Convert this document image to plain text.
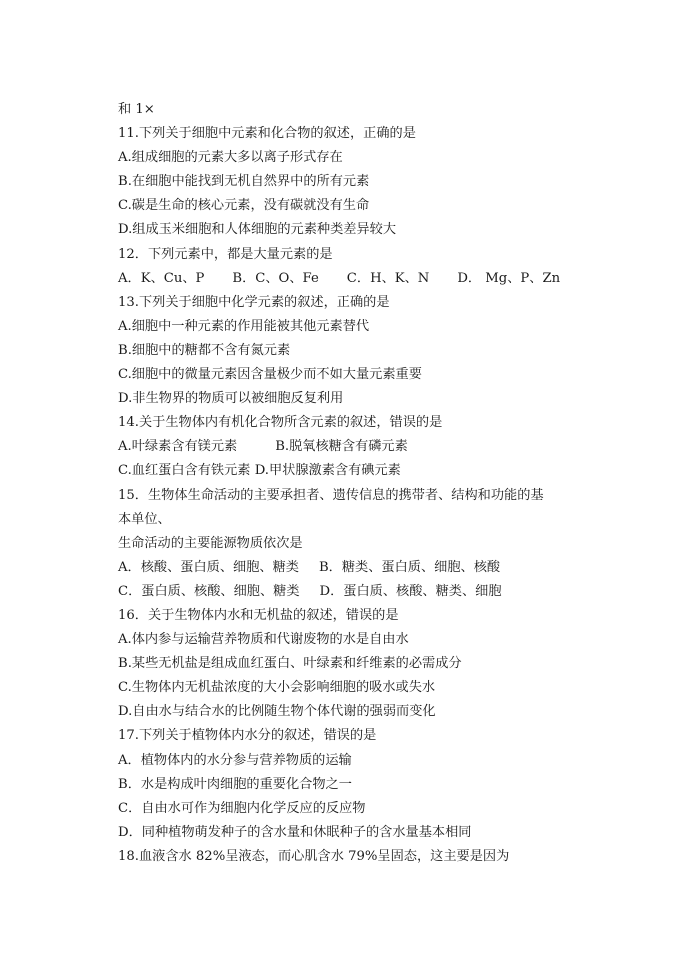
和 1×
11.下列关于细胞中元素和化合物的叙述，正确的是
A.组成细胞的元素大多以离子形式存在
B.在细胞中能找到无机自然界中的所有元素
C.碳是生命的核心元素，没有碳就没有生命
D.组成玉米细胞和人体细胞的元素种类差异较大
12．下列元素中，都是大量元素的是
A．K、Cu、P B．C、O、Fe C．H、K、N D． Mg、P、Zn
13.下列关于细胞中化学元素的叙述，正确的是
A.细胞中一种元素的作用能被其他元素替代
B.细胞中的糖都不含有氮元素
C.细胞中的微量元素因含量极少而不如大量元素重要
D.非生物界的物质可以被细胞反复利用
14.关于生物体内有机化合物所含元素的叙述，错误的是
A.叶绿素含有镁元素	B.脱氧核糖含有磷元素
C.血红蛋白含有铁元素 D.甲状腺激素含有碘元素
15．生物体生命活动的主要承担者、遗传信息的携带者、结构和功能的基
本单位、
生命活动的主要能源物质依次是
A．核酸、蛋白质、细胞、糖类 B．糖类、蛋白质、细胞、核酸
C．蛋白质、核酸、细胞、糖类 D．蛋白质、核酸、糖类、细胞
16．关于生物体内水和无机盐的叙述，错误的是
A.体内参与运输营养物质和代谢废物的水是自由水
B.某些无机盐是组成血红蛋白、叶绿素和纤维素的必需成分
C.生物体内无机盐浓度的大小会影响细胞的吸水或失水
D.自由水与结合水的比例随生物个体代谢的强弱而变化
17.下列关于植物体内水分的叙述，错误的是
A．植物体内的水分参与营养物质的运输
B．水是构成叶肉细胞的重要化合物之一
C．自由水可作为细胞内化学反应的反应物
D．同种植物萌发种子的含水量和休眠种子的含水量基本相同
18.血液含水 82%呈液态，而心肌含水 79%呈固态，这主要是因为
